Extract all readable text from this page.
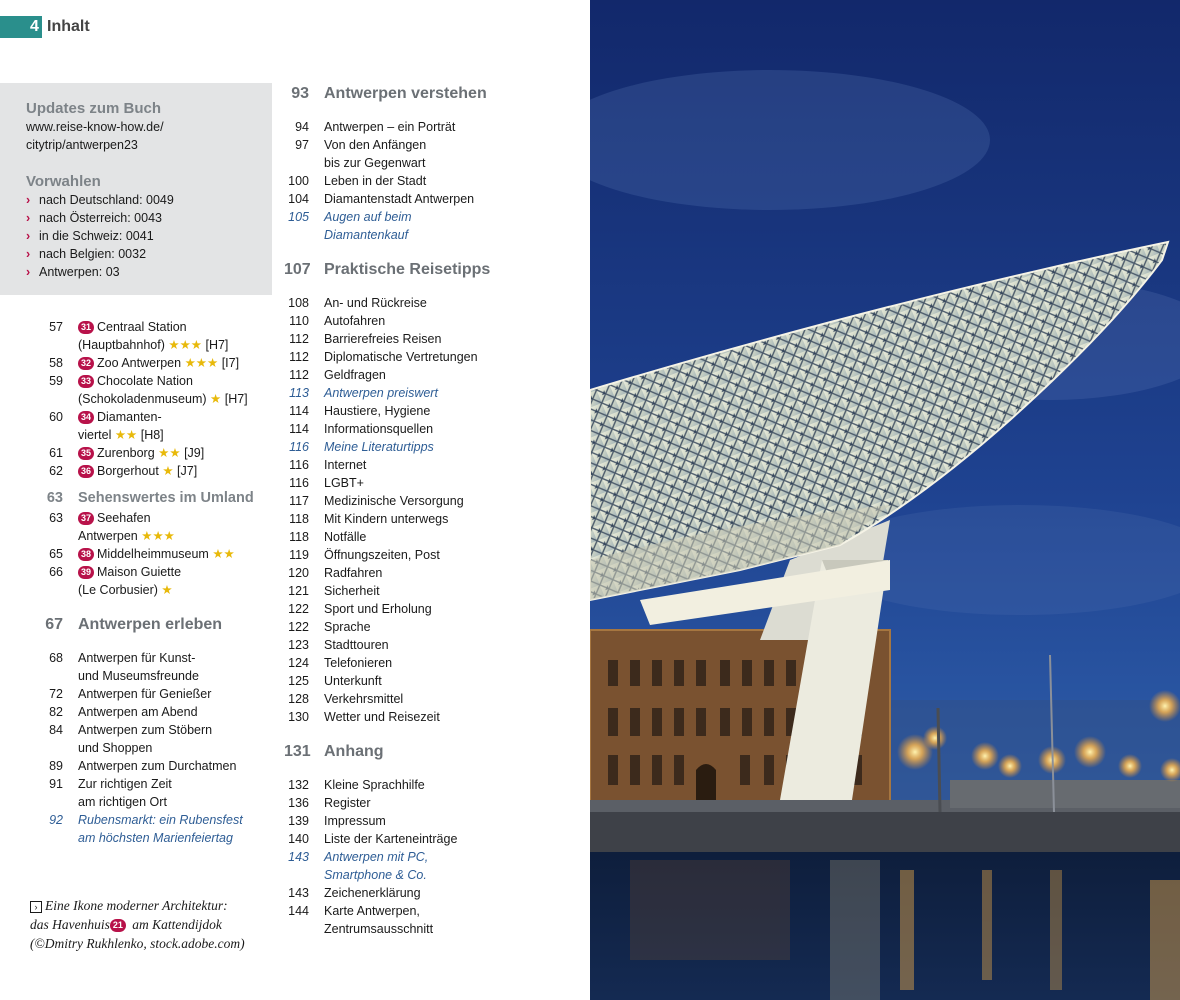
4 Inhalt
Updates zum Buch
www.reise-know-how.de/
citytrip/antwerpen23
Vorwahlen
› nach Deutschland: 0049
› nach Österreich: 0043
› in die Schweiz: 0041
› nach Belgien: 0032
› Antwerpen: 03
57	31 Centraal Station
(Hauptbahnhof) ★★★ [H7]
58	32 Zoo Antwerpen ★★★ [I7]
59	33 Chocolate Nation
(Schokoladenmuseum) ★ [H7]
60	34 Diamanten-
viertel ★★ [H8]
61	35 Zurenborg ★★ [J9]
62	36 Borgerhout ★ [J7]
63	Sehenswertes im Umland
63	37 Seehafen
Antwerpen ★★★
65	38 Middelheimmuseum ★★
66	39 Maison Guiette
(Le Corbusier) ★
67 Antwerpen erleben
68	Antwerpen für Kunst-
und Museumsfreunde
72	Antwerpen für Genießer
82	Antwerpen am Abend
84	Antwerpen zum Stöbern
und Shoppen
89	Antwerpen zum Durchatmen
91	Zur richtigen Zeit
am richtigen Ort
92	Rubensmarkt: ein Rubensfest
am höchsten Marienfeiertag
93 Antwerpen verstehen
94	Antwerpen – ein Porträt
97	Von den Anfängen
bis zur Gegenwart
100	Leben in der Stadt
104	Diamantenstadt Antwerpen
105	Augen auf beim
Diamantenkauf
107 Praktische Reisetipps
108	An- und Rückreise
110	Autofahren
112	Barrierefreies Reisen
112	Diplomatische Vertretungen
112	Geldfragen
113	Antwerpen preiswert
114	Haustiere, Hygiene
114	Informationsquellen
116	Meine Literaturtipps
116	Internet
116	LGBT+
117	Medizinische Versorgung
118	Mit Kindern unterwegs
118	Notfälle
119	Öffnungszeiten, Post
120	Radfahren
121	Sicherheit
122	Sport und Erholung
122	Sprache
123	Stadttouren
124	Telefonieren
125	Unterkunft
128	Verkehrsmittel
130	Wetter und Reisezeit
131 Anhang
132	Kleine Sprachhilfe
136	Register
139	Impressum
140	Liste der Karteneinträge
143	Antwerpen mit PC,
Smartphone & Co.
143	Zeichenerklärung
144	Karte Antwerpen,
Zentrumsausschnitt
› Eine Ikone moderner Architektur:
das Havenhuis 21 am Kattendijdok
(©Dmitry Rukhlenko, stock.adobe.com)
